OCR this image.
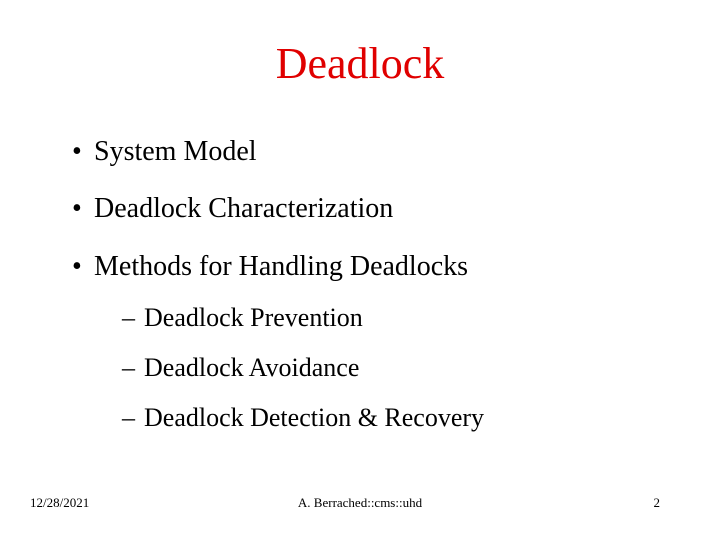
Deadlock
• System Model
• Deadlock Characterization
• Methods for Handling Deadlocks
– Deadlock Prevention
– Deadlock Avoidance
– Deadlock Detection & Recovery
12/28/2021	A. Berrached::cms::uhd	2
